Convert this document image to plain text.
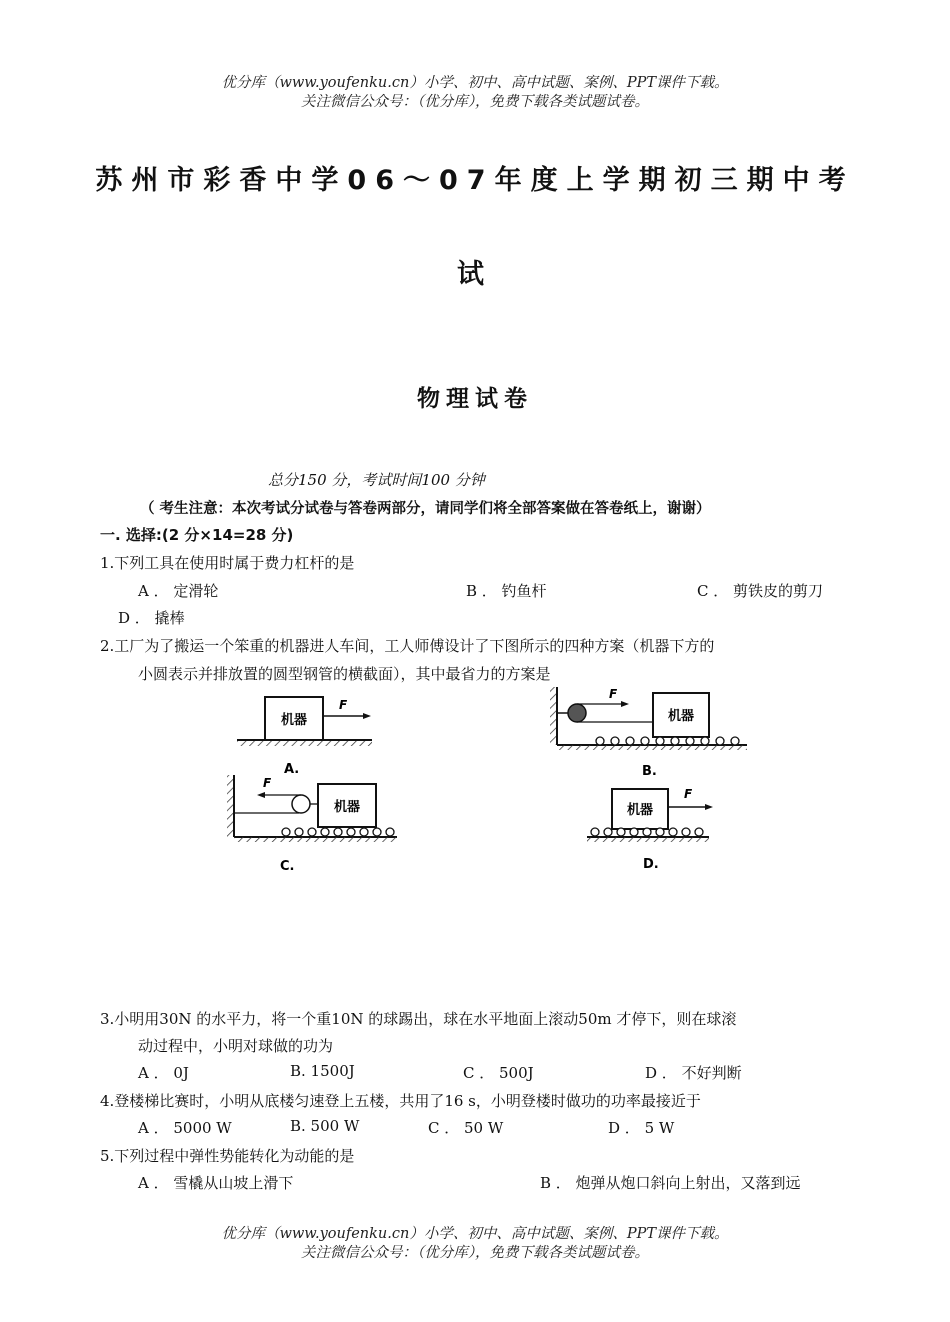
优分库（www.youfenku.cn）小学、初中、高中试题、案例、PPT课件下载。
关注微信公众号：（优分库），免费下载各类试题试卷。
苏州市彩香中学06～07年度上学期初三期中考
试
物理试卷
总分150 分，考试时间100 分钟
（ 考生注意：本次考试分试卷与答卷两部分，请同学们将全部答案做在答卷纸上，谢谢）
一. 选择:(2 分×14=28 分)
1.下列工具在使用时属于费力杠杆的是
A ． 定滑轮	B ． 钓鱼杆	C ． 剪铁皮的剪刀
D ． 撬棒
2.工厂为了搬运一个笨重的机器进人车间，工人师傅设计了下图所示的四种方案（机器下方的
小圆表示并排放置的圆型钢管的横截面），其中最省力的方案是
机器
F
A.
F
机器
B.
F
机器
C.
机器
F
D.
3.小明用30N 的水平力，将一个重10N 的球踢出，球在水平地面上滚动50m 才停下，则在球滚
动过程中，小明对球做的功为
A ． 0J	B. 1500J	C ． 500J	D ． 不好判断
4.登楼梯比赛时，小明从底楼匀速登上五楼，共用了16 s，小明登楼时做功的功率最接近于
A ． 5000 W	B. 500 W	C ． 50 W	D ． 5 W
5.下列过程中弹性势能转化为动能的是
A ． 雪橇从山坡上滑下	B ． 炮弹从炮口斜向上射出，又落到远
优分库（www.youfenku.cn）小学、初中、高中试题、案例、PPT课件下载。
关注微信公众号：（优分库），免费下载各类试题试卷。
